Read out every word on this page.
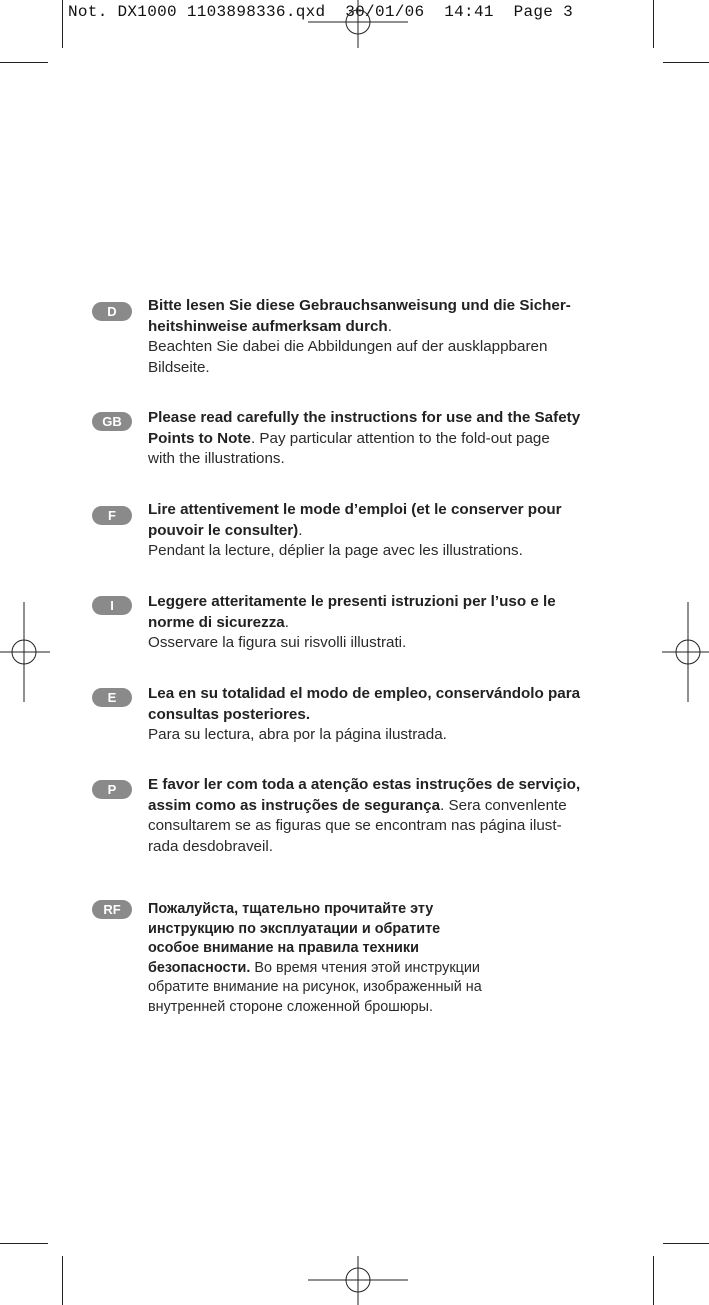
Not. DX1000 1103898336.qxd  30/01/06  14:41  Page 3
D	Bitte lesen Sie diese Gebrauchsanweisung und die Sicher-
heitshinweise aufmerksam durch.
Beachten Sie dabei die Abbildungen auf der ausklappbaren
Bildseite.
GB	Please read carefully the instructions for use and the Safety
Points to Note. Pay particular attention to the fold-out page
with the illustrations.
F	Lire attentivement le mode d’emploi (et le conserver pour
pouvoir le consulter).
Pendant la lecture, déplier la page avec les illustrations.
I	Leggere atteritamente le presenti istruzioni per l’uso e le
norme di sicurezza.
Osservare la figura sui risvolli illustrati.
E	Lea en su totalidad el modo de empleo, conservándolo para
consultas posteriores.
Para su lectura, abra por la página ilustrada.
P	E favor ler com toda a atenção estas instruções de serviçio,
assim como as instruções de segurança. Sera convenlente
consultarem se as figuras que se encontram nas página ilust-
rada desdobraveil.
RF	Пожалуйста, тщательно прочитайте эту
инструкцию по эксплуатации и обратите
особое внимание на правила техники
безопасности. Во время чтения этой инструкции
обратите внимание на рисунок, изображенный на
внутренней стороне сложенной брошюры.
